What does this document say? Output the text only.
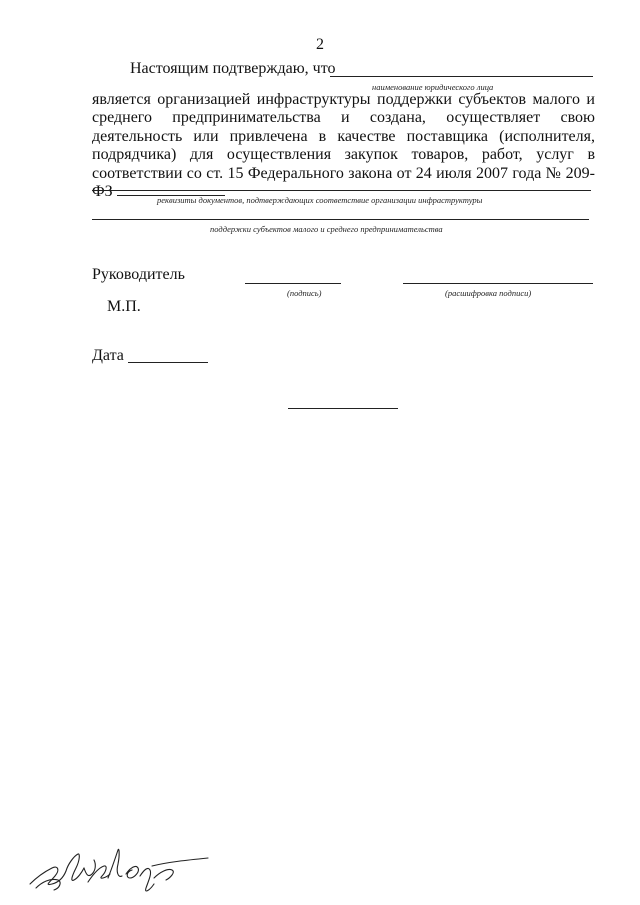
2
Настоящим подтверждаю, что
наименование юридического лица
является организацией инфраструктуры поддержки субъектов малого и среднего предпринимательства и создана, осуществляет свою деятельность или привлечена в качестве поставщика (исполнителя, подрядчика) для осуществления закупок товаров, работ, услуг в соответствии со ст. 15 Федерального закона от 24 июля 2007 года № 209-ФЗ	реквизиты документов, подтверждающих соответствие организации инфраструктуры
поддержки субъектов малого и среднего предпринимательства
Руководитель
(подпись)	(расшифровка подписи)
М.П.
Дата
